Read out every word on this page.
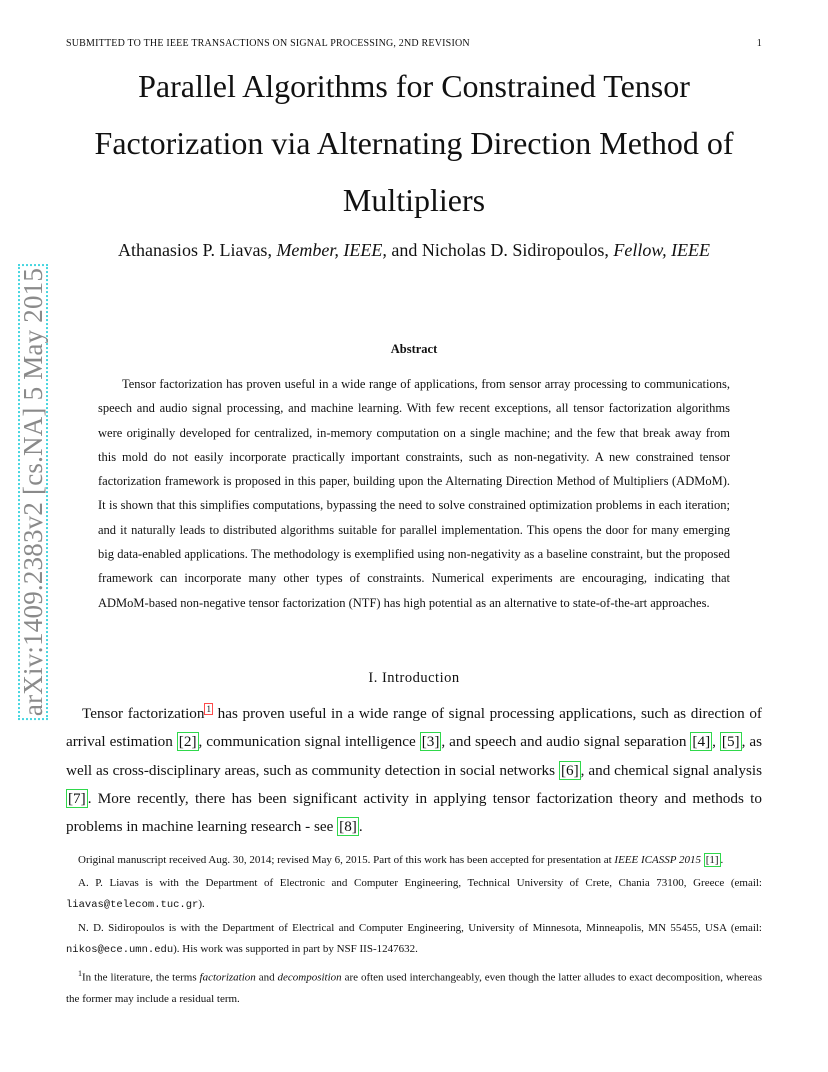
SUBMITTED TO THE IEEE TRANSACTIONS ON SIGNAL PROCESSING, 2ND REVISION	1
Parallel Algorithms for Constrained Tensor
Factorization via Alternating Direction Method of
Multipliers
Athanasios P. Liavas, Member, IEEE, and Nicholas D. Sidiropoulos, Fellow, IEEE
arXiv:1409.2383v2 [cs.NA] 5 May 2015	Abstract

Tensor factorization has proven useful in a wide range of applications, from sensor array processing to communications, speech and audio signal processing, and machine learning. With few recent exceptions, all tensor factorization algorithms were originally developed for centralized, in-memory computation on a single machine; and the few that break away from this mold do not easily incorporate practically important constraints, such as non-negativity. A new constrained tensor factorization framework is proposed in this paper, building upon the Alternating Direction Method of Multipliers (ADMoM). It is shown that this simplifies computations, bypassing the need to solve constrained optimization problems in each iteration; and it naturally leads to distributed algorithms suitable for parallel implementation. This opens the door for many emerging big data-enabled applications. The methodology is exemplified using non-negativity as a baseline constraint, but the proposed framework can incorporate many other types of constraints. Numerical experiments are encouraging, indicating that ADMoM-based non-negative tensor factorization (NTF) has high potential as an alternative to state-of-the-art approaches.

I. Introduction

Tensor factorization $^1$ has proven useful in a wide range of signal processing applications, such as direction of arrival estimation [2] , communication signal intelligence [3] , and speech and audio signal separation [4] , [5] , as well as cross-disciplinary areas, such as community detection in social networks [6] , and chemical signal analysis [7] . More recently, there has been significant activity in applying tensor factorization theory and methods to problems in machine learning research - see [8] .

Original manuscript received Aug. 30, 2014; revised May 6, 2015. Part of this work has been accepted for presentation at IEEE ICASSP 2015 [1] .

A. P. Liavas is with the Department of Electronic and Computer Engineering, Technical University of Crete, Chania 73100, Greece (email: liavas@telecom.tuc.gr).

N. D. Sidiropoulos is with the Department of Electrical and Computer Engineering, University of Minnesota, Minneapolis, MN 55455, USA (email: nikos@ece.umn.edu). His work was supported in part by NSF IIS-1247632.

$^1$In the literature, the terms factorization and decomposition are often used interchangeably, even though the latter alludes to exact decomposition, whereas the former may include a residual term.
